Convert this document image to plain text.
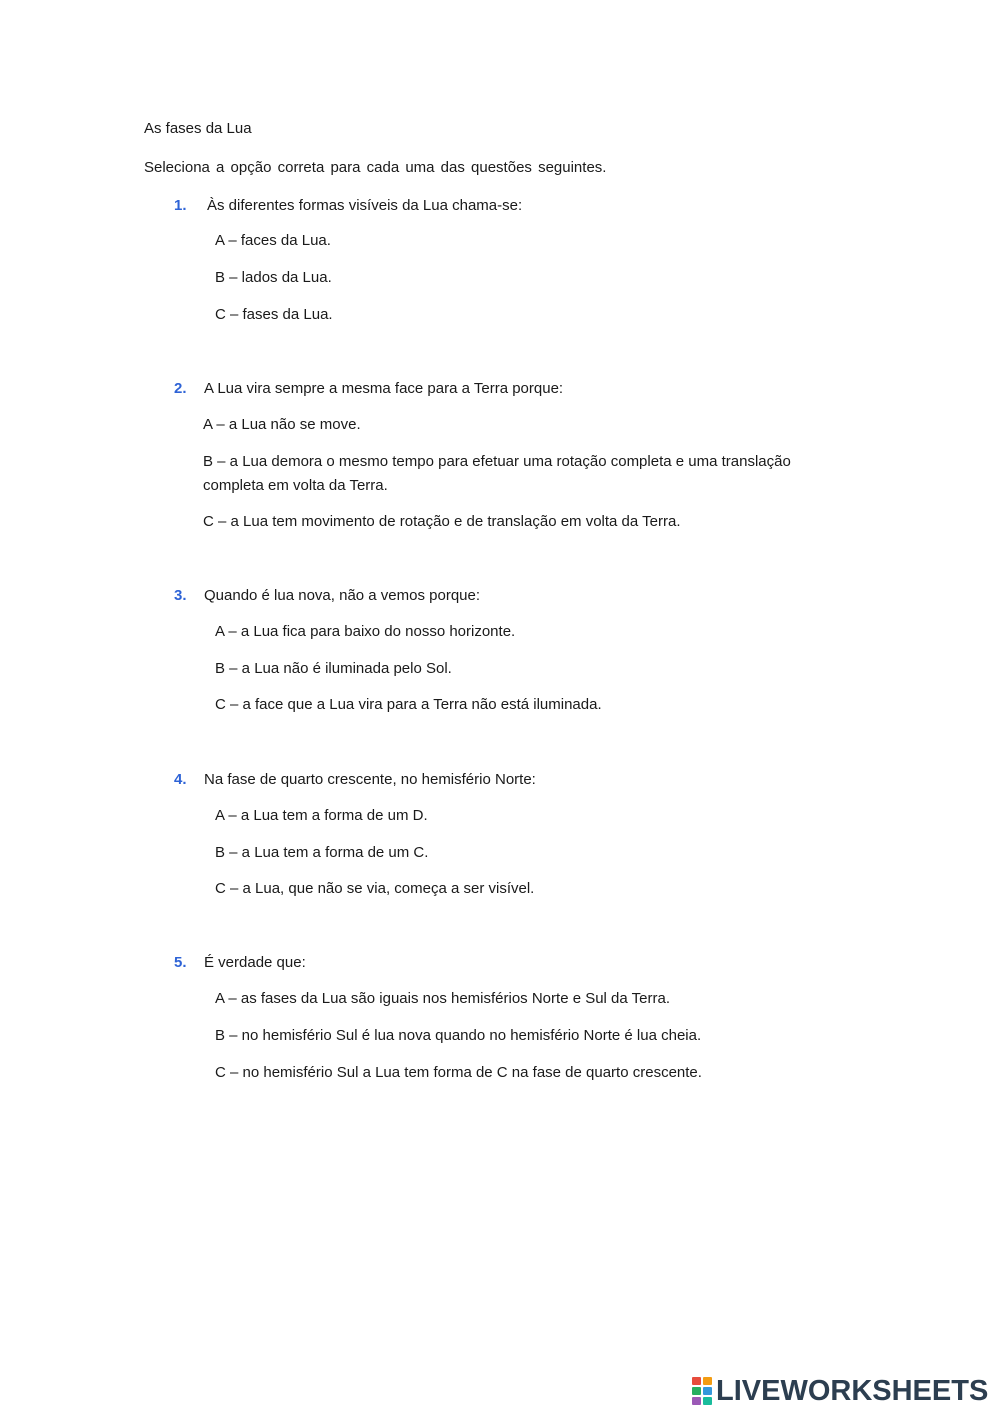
As fases da Lua
Seleciona a opção correta para cada uma das questões seguintes.
1. Às diferentes formas visíveis da Lua chama-se:
A – faces da Lua.
B – lados da Lua.
C – fases da Lua.
2. A Lua vira sempre a mesma face para a Terra porque:
A – a Lua não se move.
B – a Lua demora o mesmo tempo para efetuar uma rotação completa e uma translação completa em volta da Terra.
C – a Lua tem movimento de rotação e de translação em volta da Terra.
3. Quando é lua nova, não a vemos porque:
A – a Lua fica para baixo do nosso horizonte.
B – a Lua não é iluminada pelo Sol.
C – a face que a Lua vira para a Terra não está iluminada.
4. Na fase de quarto crescente, no hemisfério Norte:
A – a Lua tem a forma de um D.
B – a Lua tem a forma de um C.
C – a Lua, que não se via, começa a ser visível.
5. É verdade que:
A – as fases da Lua são iguais nos hemisférios Norte e Sul da Terra.
B – no hemisfério Sul é lua nova quando no hemisfério Norte é lua cheia.
C – no hemisfério Sul a Lua tem forma de C na fase de quarto crescente.
LIVEWORKSHEETS
